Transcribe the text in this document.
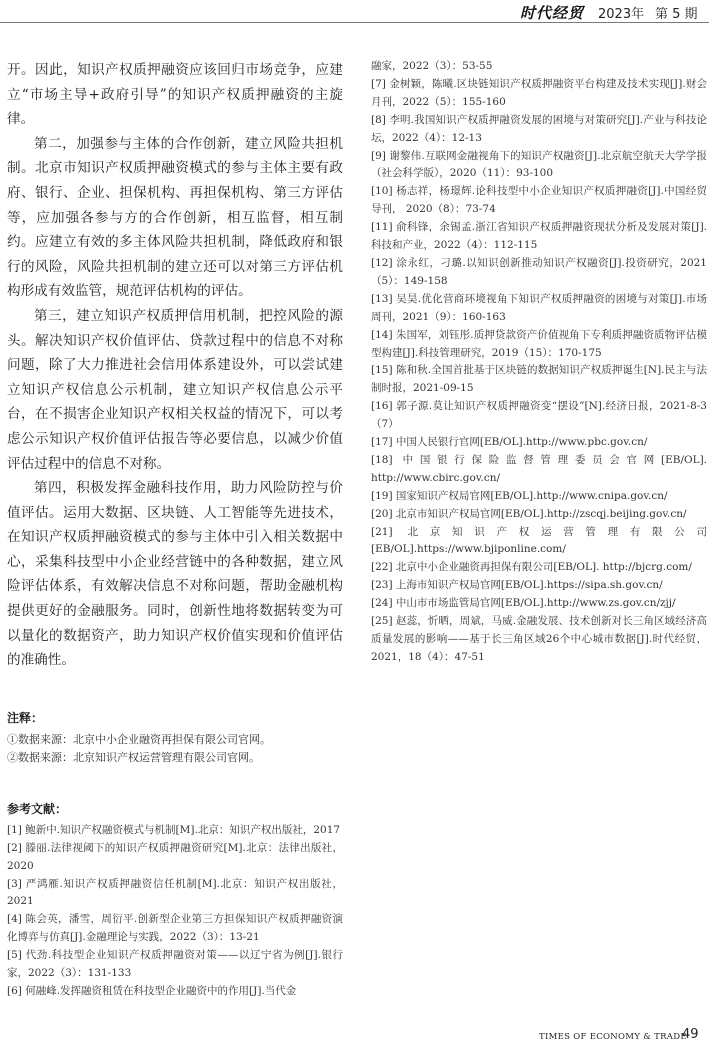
时代经贸 2023年 第 5 期

开。因此，知识产权质押融资应该回归市场竞争，应建立“市场主导+政府引导”的知识产权质押融资的主旋律。

第二，加强参与主体的合作创新，建立风险共担机制。北京市知识产权质押融资模式的参与主体主要有政府、银行、企业、担保机构、再担保机构、第三方评估等，应加强各参与方的合作创新，相互监督，相互制约。应建立有效的多主体风险共担机制，降低政府和银行的风险，风险共担机制的建立还可以对第三方评估机构形成有效监管，规范评估机构的评估。

第三，建立知识产权质押信用机制，把控风险的源头。解决知识产权价值评估、贷款过程中的信息不对称问题，除了大力推进社会信用体系建设外，可以尝试建立知识产权信息公示机制，建立知识产权信息公示平台，在不损害企业知识产权相关权益的情况下，可以考虑公示知识产权价值评估报告等必要信息，以减少价值评估过程中的信息不对称。

第四，积极发挥金融科技作用，助力风险防控与价值评估。运用大数据、区块链、人工智能等先进技术，在知识产权质押融资模式的参与主体中引入相关数据中心，采集科技型中小企业经营链中的各种数据，建立风险评估体系，有效解决信息不对称问题，帮助金融机构提供更好的金融服务。同时，创新性地将数据转变为可以量化的数据资产，助力知识产权价值实现和价值评估的准确性。

注释：

①数据来源：北京中小企业融资再担保有限公司官网。

②数据来源：北京知识产权运营管理有限公司官网。

参考文献：

[1] 鲍新中.知识产权融资模式与机制[M].北京：知识产权出版社，2017

[2] 滕丽.法律视阈下的知识产权质押融资研究[M].北京：法律出版社，2020

[3] 严鸿雁.知识产权质押融资信任机制[M].北京：知识产权出版社，2021

[4] 陈会英，潘雪，周衍平.创新型企业第三方担保知识产权质押融资演化博弈与仿真[J].金融理论与实践，2022（3）：13-21

[5] 代劲.科技型企业知识产权质押融资对策——以辽宁省为例[J].银行家，2022（3）：131-133

[6] 何融峰.发挥融资租赁在科技型企业融资中的作用[J].当代金

融家，2022（3）：53-55

[7] 金树颖，陈曦.区块链知识产权质押融资平台构建及技术实现[J].财会月刊，2022（5）：155-160

[8] 李明.我国知识产权质押融资发展的困境与对策研究[J].产业与科技论坛，2022（4）：12-13

[9] 谢黎伟.互联网金融视角下的知识产权融资[J].北京航空航天大学学报（社会科学版），2020（11）：93-100

[10] 杨志祥，杨璟辉.论科技型中小企业知识产权质押融资[J].中国经贸导刊， 2020（8）：73-74

[11] 俞科锋，余锡孟.浙江省知识产权质押融资现状分析及发展对策[J].科技和产业，2022（4）：112-115

[12] 涂永红，刁璐.以知识创新推动知识产权融资[J].投资研究，2021（5）：149-158

[13] 吴昊.优化营商环境视角下知识产权质押融资的困境与对策[J].市场周刊，2021（9）：160-163

[14] 朱国军，刘钰彤.质押贷款资产价值视角下专利质押融资质物评估模型构建[J].科技管理研究，2019（15）：170-175

[15] 陈和秋.全国首批基于区块链的数据知识产权质押诞生[N].民主与法制时报，2021-09-15

[16] 郭子源.莫让知识产权质押融资变“摆设”[N].经济日报，2021-8-3（7）

[17] 中国人民银行官网[EB/OL].http://www.pbc.gov.cn/

[18] 中国银行保险监督管理委员会官网[EB/OL]. http://www.cbirc.gov.cn/

[19] 国家知识产权局官网[EB/OL].http://www.cnipa.gov.cn/

[20] 北京市知识产权局官网[EB/OL].http://zscqj.beijing.gov.cn/

[21] 北京知识产权运营管理有限公司[EB/OL].https://www.bjiponline.com/

[22] 北京中小企业融资再担保有限公司[EB/OL]. http://bjcrg.com/

[23] 上海市知识产权局官网[EB/OL].https://sipa.sh.gov.cn/

[24] 中山市市场监管局官网[EB/OL].http://www.zs.gov.cn/zjj/

[25] 赵蕊，忻晒，周斌，马威.金融发展、技术创新对长三角区域经济高质量发展的影响——基于长三角区域26个中心城市数据[J].时代经贸，2021，18（4）：47-51

TIMES OF ECONOMY & TRADE
49
